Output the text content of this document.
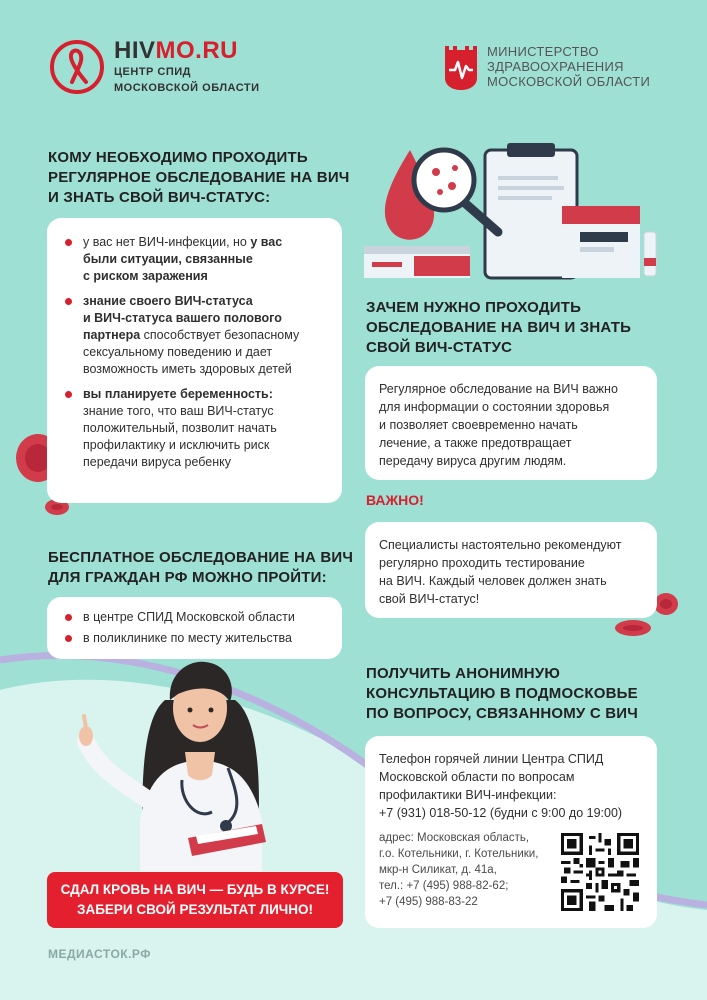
HIVMO.RU
ЦЕНТР СПИД
МОСКОВСКОЙ ОБЛАСТИ
МИНИСТЕРСТВО
ЗДРАВООХРАНЕНИЯ
МОСКОВСКОЙ ОБЛАСТИ
КОМУ НЕОБХОДИМО ПРОХОДИТЬ
РЕГУЛЯРНОЕ ОБСЛЕДОВАНИЕ НА ВИЧ
И ЗНАТЬ СВОЙ ВИЧ-СТАТУС:
у вас нет ВИЧ-инфекции, но у вас
были ситуации, связанные
с риском заражения
знание своего ВИЧ-статуса
и ВИЧ-статуса вашего полового
партнера способствует безопасному
сексуальному поведению и дает
возможность иметь здоровых детей
вы планируете беременность:
знание того, что ваш ВИЧ-статус
положительный, позволит начать
профилактику и исключить риск
передачи вируса ребенку
ЗАЧЕМ НУЖНО ПРОХОДИТЬ
ОБСЛЕДОВАНИЕ НА ВИЧ И ЗНАТЬ
СВОЙ ВИЧ-СТАТУС

Регулярное обследование на ВИЧ важно

для информации о состоянии здоровья

и позволяет своевременно начать

лечение, а также предотвращает

передачу вируса другим людям.

ВАЖНО!

Специалисты настоятельно рекомендуют

регулярно проходить тестирование

на ВИЧ. Каждый человек должен знать

свой ВИЧ-статус!

БЕСПЛАТНОЕ ОБСЛЕДОВАНИЕ НА ВИЧ
ДЛЯ ГРАЖДАН РФ МОЖНО ПРОЙТИ:
в центре СПИД Московской области
в поликлинике по месту жительства
ПОЛУЧИТЬ АНОНИМНУЮ
КОНСУЛЬТАЦИЮ В ПОДМОСКОВЬЕ
ПО ВОПРОСУ, СВЯЗАННОМУ С ВИЧ

Телефон горячей линии Центра СПИД

Московской области по вопросам

профилактики ВИЧ-инфекции:

+7 (931) 018-50-12 (будни с 9:00 до 19:00)

адрес: Московская область,
г.о. Котельники, г. Котельники,
мкр-н Силикат, д. 41а,
тел.: +7 (495) 988-82-62;
+7 (495) 988-83-22
СДАЛ КРОВЬ НА ВИЧ — БУДЬ В КУРСЕ!
ЗАБЕРИ СВОЙ РЕЗУЛЬТАТ ЛИЧНО!
МЕДИАСТОК.РФ
